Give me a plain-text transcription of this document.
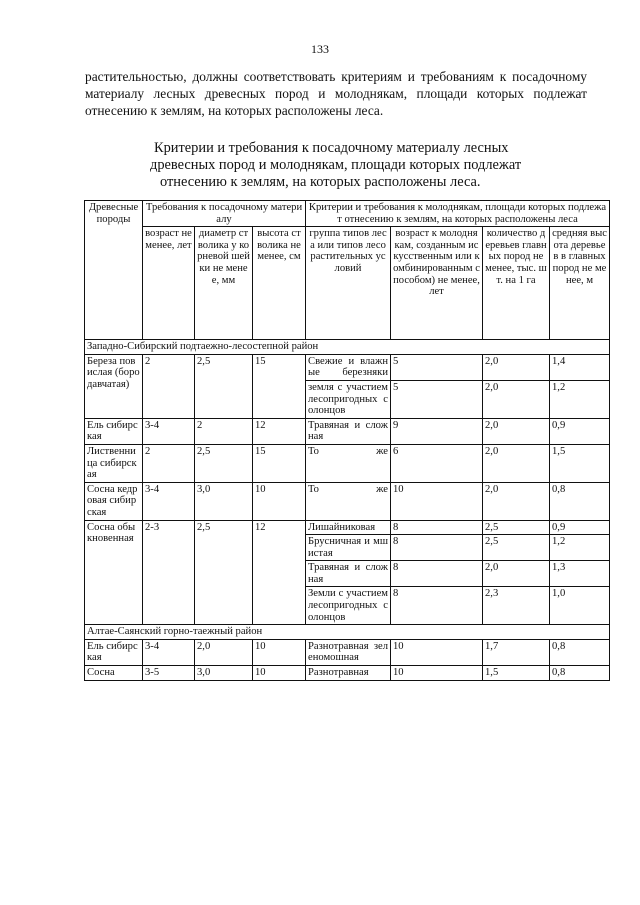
133
растительностью, должны соответствовать критериям и требованиям к посадочному материалу лесных древесных пород и молоднякам, площади которых подлежат отнесению к землям, на которых расположены леса.
Критерии и требования к посадочному материалу лесных
древесных пород и молоднякам, площади которых подлежат
отнесению к землям, на которых расположены леса.
Древесные породы	Требования к посадочному материалу			Критерии и требования к молоднякам, площади которых подлежат отнесению к землям, на которых расположены леса			
	возраст не менее, лет	диаметр стволика у корневой шейки не менее, мм	высота стволика не менее, см	группа типов леса или типов лесорастительных условий	возраст к молоднякам, созданным искусственным или комбинированным способом) не менее, лет	количество деревьев главных пород не менее, тыс. шт. на 1 га	средняя высота деревьев в главных пород не менее, м
Западно-Сибирский подтаежно-лесостепной район							
Береза повислая (бородавчатая)	2	2,5	15	Свежие и влажные березняки	5	2,0	1,4
				земля с участием лесопригодных солонцов	5	2,0	1,2
Ель сибирская	3-4	2	12	Травяная и сложная	9	2,0	0,9
Лиственница сибирская	2	2,5	15	То же	6	2,0	1,5
Сосна кедровая сибирская	3-4	3,0	10	То же	10	2,0	0,8
Сосна обыкновенная	2-3	2,5	12	Лишайниковая	8	2,5	0,9
				Брусничная и мшистая	8	2,5	1,2
				Травяная и сложная	8	2,0	1,3
				Земли с участием лесопригодных солонцов	8	2,3	1,0
Алтае-Саянский горно-таежный район							
Ель сибирская	3-4	2,0	10	Разнотравная зеленомошная	10	1,7	0,8
Сосна	3-5	3,0	10	Разнотравная	10	1,5	0,8
